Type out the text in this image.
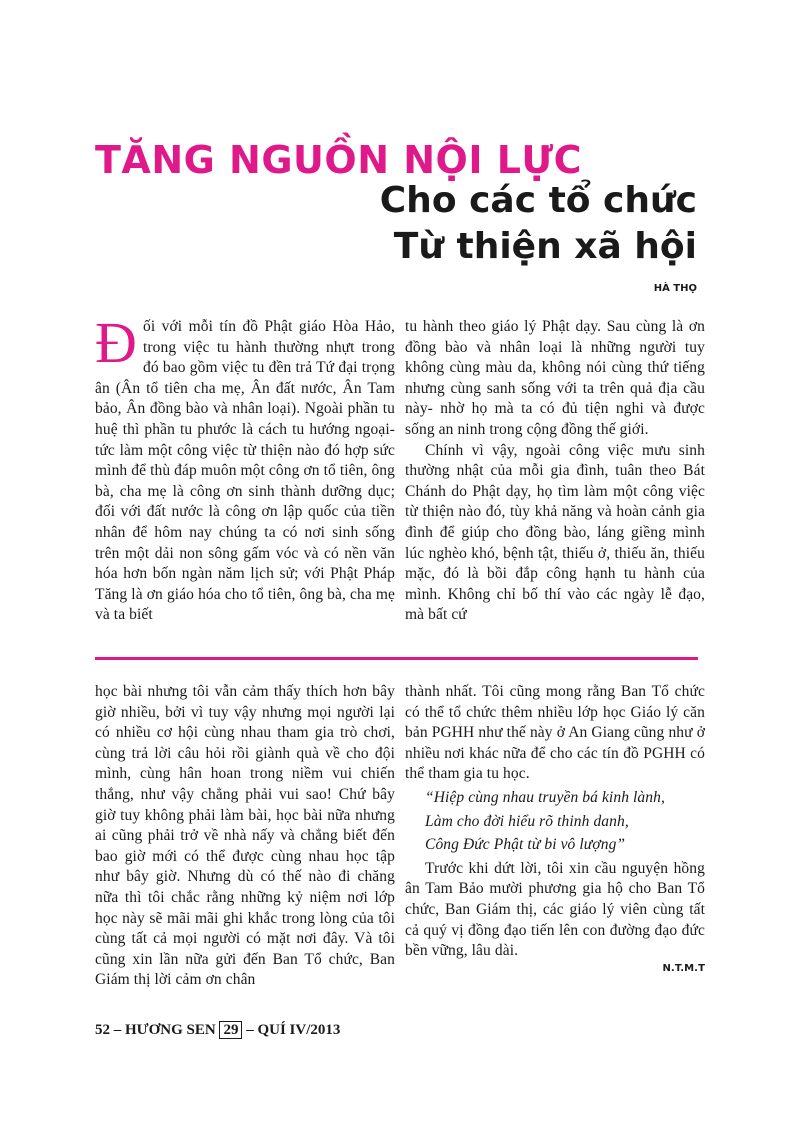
TĂNG NGUỒN NỘI LỰC
Cho các tổ chức
Từ thiện xã hội
HÀ THỌ

Đối với mỗi tín đồ Phật giáo Hòa Hảo, trong việc tu hành thường nhựt trong đó bao gồm việc tu đền trả Tứ đại trọng ân (Ân tổ tiên cha mẹ, Ân đất nước, Ân Tam bảo, Ân đồng bào và nhân loại). Ngoài phần tu huệ thì phần tu phước là cách tu hướng ngoại- tức làm một công việc từ thiện nào đó hợp sức mình để thù đáp muôn một công ơn tổ tiên, ông bà, cha mẹ là công ơn sinh thành dưỡng dục; đối với đất nước là công ơn lập quốc của tiền nhân để hôm nay chúng ta có nơi sinh sống trên một dải non sông gấm vóc và có nền văn hóa hơn bốn ngàn năm lịch sử; với Phật Pháp Tăng là ơn giáo hóa cho tổ tiên, ông bà, cha mẹ và ta biết

tu hành theo giáo lý Phật dạy. Sau cùng là ơn đồng bào và nhân loại là những người tuy không cùng màu da, không nói cùng thứ tiếng nhưng cùng sanh sống với ta trên quả địa cầu này- nhờ họ mà ta có đủ tiện nghi và được sống an ninh trong cộng đồng thế giới.

Chính vì vậy, ngoài công việc mưu sinh thường nhật của mỗi gia đình, tuân theo Bát Chánh do Phật dạy, họ tìm làm một công việc từ thiện nào đó, tùy khả năng và hoàn cảnh gia đình để giúp cho đồng bào, láng giềng mình lúc nghèo khó, bệnh tật, thiếu ở, thiếu ăn, thiếu mặc, đó là bồi đắp công hạnh tu hành của mình. Không chỉ bố thí vào các ngày lễ đạo, mà bất cứ

học bài nhưng tôi vẫn cảm thấy thích hơn bây giờ nhiều, bởi vì tuy vậy nhưng mọi người lại có nhiều cơ hội cùng nhau tham gia trò chơi, cùng trả lời câu hỏi rồi giành quà về cho đội mình, cùng hân hoan trong niềm vui chiến thắng, như vậy chẳng phải vui sao! Chứ bây giờ tuy không phải làm bài, học bài nữa nhưng ai cũng phải trở về nhà nấy và chẳng biết đến bao giờ mới có thể được cùng nhau học tập như bây giờ. Nhưng dù có thế nào đi chăng nữa thì tôi chắc rằng những kỷ niệm nơi lớp học này sẽ mãi mãi ghi khắc trong lòng của tôi cùng tất cả mọi người có mặt nơi đây. Và tôi cũng xin lần nữa gửi đến Ban Tổ chức, Ban Giám thị lời cảm ơn chân

thành nhất. Tôi cũng mong rằng Ban Tổ chức có thể tổ chức thêm nhiều lớp học Giáo lý căn bản PGHH như thế này ở An Giang cũng như ở nhiều nơi khác nữa để cho các tín đồ PGHH có thể tham gia tu học.

“Hiệp cùng nhau truyền bá kinh lành,

Làm cho đời hiểu rõ thinh danh,

Công Đức Phật từ bi vô lượng”

Trước khi dứt lời, tôi xin cầu nguyện hồng ân Tam Bảo mười phương gia hộ cho Ban Tổ chức, Ban Giám thị, các giáo lý viên cùng tất cả quý vị đồng đạo tiến lên con đường đạo đức bền vững, lâu dài.

N.T.M.T

52 – HƯƠNG SEN 29 – QUÍ IV/2013
